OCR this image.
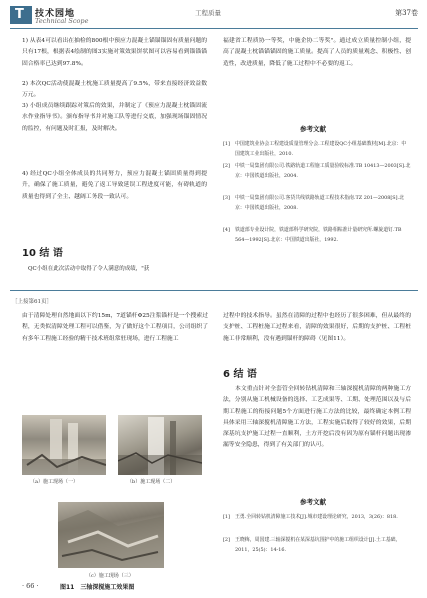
T 技术园地
Technical Scope
工程质量	第37卷
1) 从表4可以看出在抽检的800根中预应力混凝土锚锚锚固有质量问题的只有17根，根据表4绘制的图3实施对策效果饼状图可以容易看到锚锚锚固合格率已达到97.8%。
2) 本次QC活动使混凝土枕施工质量提高了9.5%，带来直接经济效益数万元。
3) 小组成员继续跟踪对策后的效果，并制定了《预应力混凝土枕锚固流水作业指导书》。颁布指导书并对施工队等进行交底，加强现场锚固情况的监控，有问题及时汇报，及时解决。
4) 经过QC小组全体成员的共同努力，预应力混凝土锚固质量得到提升，确保了施工质量，避免了返工导致延误工程进度可能，有碍轨道的质量也得到了全主、越阔工务段一致认可。
10 结 语
QC小组在此次活动中取得了令人满意的成绩，"获
福建省工程质协一等奖，中施企协二等奖"。通过成立质量控制小组，提高了混凝土枕锚锚锚固的施工质量。提高了人员的质量观念、积极性、创造性，改进质量，降低了施工过程中不必要的返工。
参考文献
[1]	中国建筑业协会工程建设质量管理分会.工程建设QC小组基础教材[M].北京：中国建筑工业出版社，2010.
[2]	中铁一局集团有限公司.铁路轨道工程施工质量验收标准.TB 10413—2003[S].北京：中国铁道出版社，2004.
[3]	中铁一局集团有限公司.客货共线铁路轨道工程技术指南.TZ 201—2008[S].北京：中国铁道出版社，2008.
[4]	铁道部专业设计院，铁道部科学研究院，铁路相粘准计量研究所.螺旋道钉.TB 564—1992[S].北京：中国铁道出版社，1992.
［上接第61页］
由于清障处理自然地面以下约15m，7道锚杆Φ25注浆锚杆是一个搜索过程，无类似清障处理工程可以借鉴，为了做好这个工程项目，公司组织了有多年工程施工经验的精干技术班组常驻现场，进行工程施工
（a）施工现场（一）	（b）施工现场（二）
（c）施工现场（三）
图11　三轴深搅施工效果图
· 66 ·
过程中的技术指导。虽然在清障的过程中也经历了很多困难，但从最终的支护桩、工程桩施工过程来看，清障的效果很好，后期的支护桩、工程桩施工非常顺利，没有遇到锚杆的障碍（见图11）。
6 结 语
本文重点针对全套管全回转钻机清障和三轴深搅机清障的两种施工方法，分别从施工机械设备的选择、工艺成果等、工期、处理范围以及与后期工程施工的衔接问题5个方面进行施工方法的比较，最终确定本例工程具体采用三轴深搅机清障施工方法，工程实施后取得了较好的效果，后期深基坑支护施工过程一直顺利，土方开挖后没有因为原有锚杆问题出现渗漏等安全隐患，得到了有关部门的认可。
参考文献
[1]	王勇.全回转钻机清障施工技术[J].城市建设理论研究，2013，3(26)：818.
[2]	王晓梅，周国建.三轴深搅机在某深基坑围护中的施工组织设计[J].土工基础，2011，25(5)：14-16.
